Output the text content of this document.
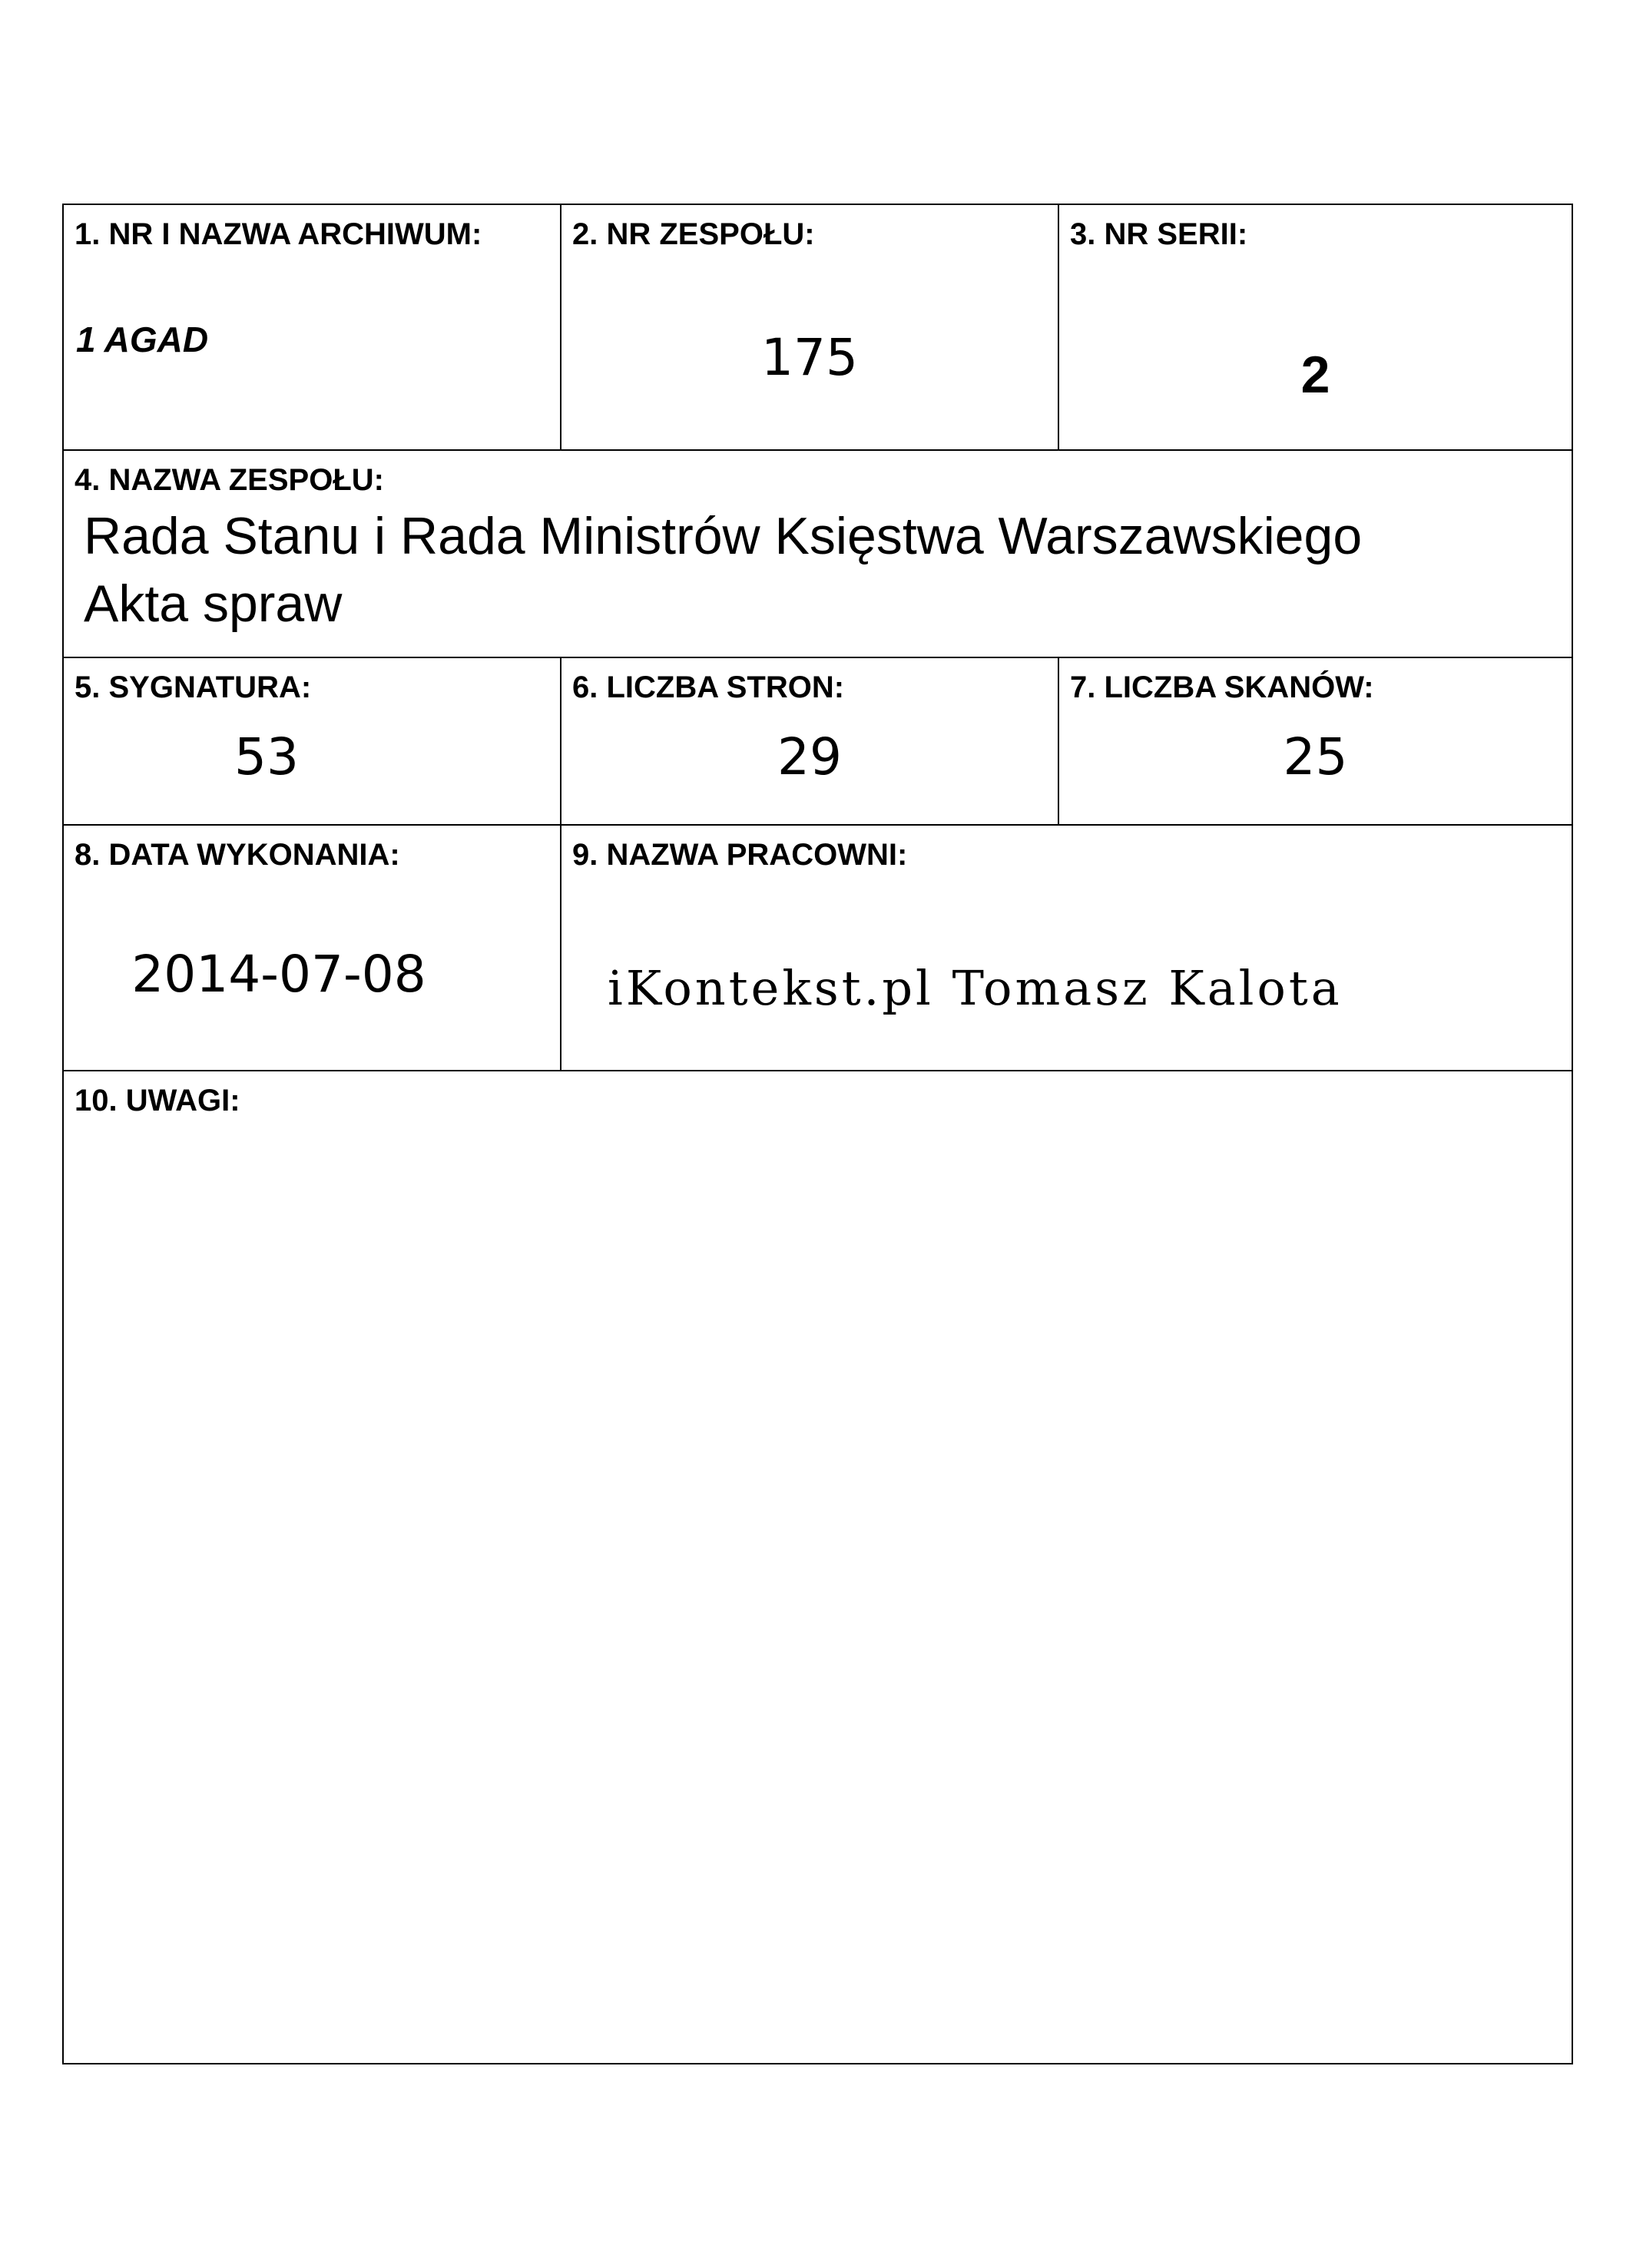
1. NR I NAZWA ARCHIWUM:
1 AGAD
2. NR ZESPOŁU:
175
3. NR SERII:
2
4. NAZWA ZESPOŁU:
Rada Stanu i Rada Ministrów Księstwa Warszawskiego
Akta spraw
5. SYGNATURA:
53
6. LICZBA STRON:
29
7. LICZBA SKANÓW:
25
8. DATA WYKONANIA:
2014-07-08
9. NAZWA PRACOWNI:
iKontekst.pl Tomasz Kalota
10. UWAGI:
